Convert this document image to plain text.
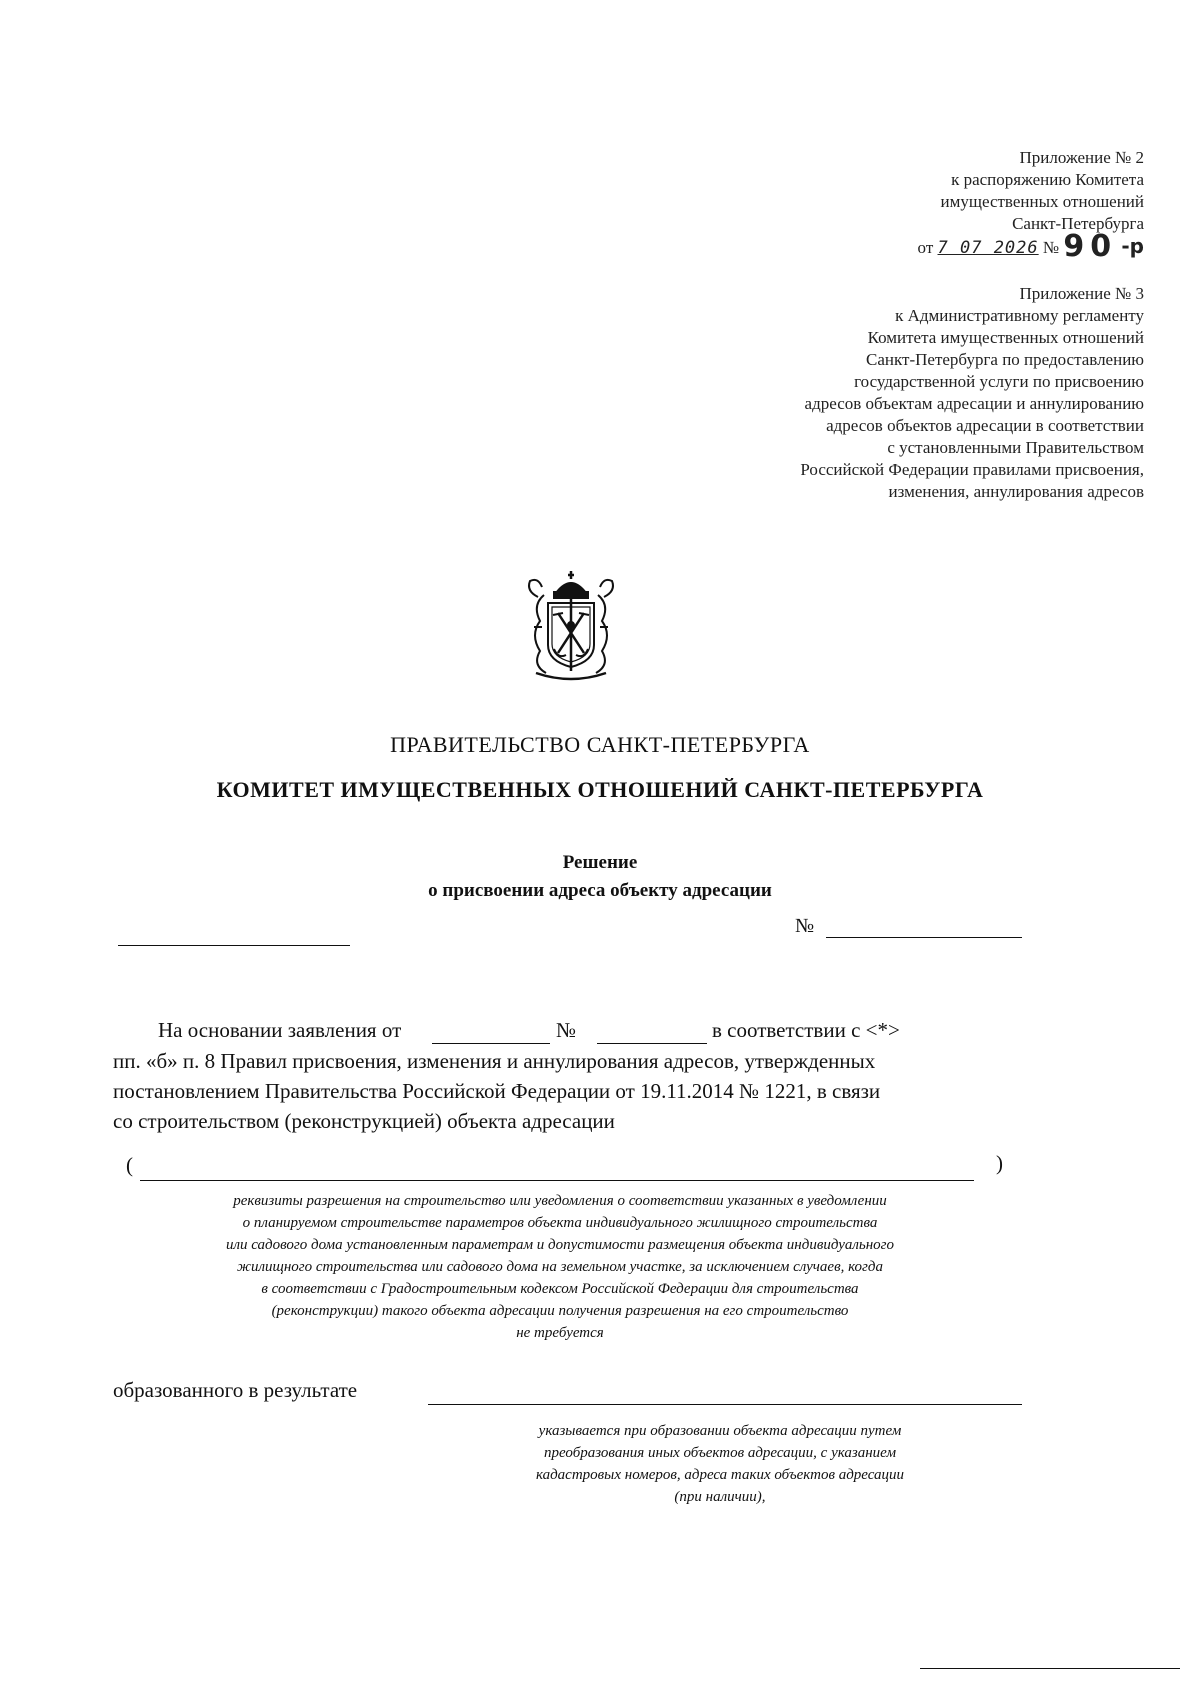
Приложение № 2
к распоряжению Комитета
имущественных отношений
Санкт-Петербурга
от 7 07 2026 № 90 -р
Приложение № 3
к Административному регламенту
Комитета имущественных отношений
Санкт-Петербурга по предоставлению
государственной услуги по присвоению
адресов объектам адресации и аннулированию
адресов объектов адресации в соответствии
с установленными Правительством
Российской Федерации правилами присвоения,
изменения, аннулирования адресов
ПРАВИТЕЛЬСТВО САНКТ-ПЕТЕРБУРГА
КОМИТЕТ ИМУЩЕСТВЕННЫХ ОТНОШЕНИЙ САНКТ-ПЕТЕРБУРГА
Решение
о присвоении адреса объекту адресации
№
На основании заявления от	№	в соответствии с <*>
пп. «б» п. 8 Правил присвоения, изменения и аннулирования адресов, утвержденных
постановлением Правительства Российской Федерации от 19.11.2014 № 1221, в связи
со строительством (реконструкцией) объекта адресации
(	)
реквизиты разрешения на строительство или уведомления о соответствии указанных в уведомлении
о планируемом строительстве параметров объекта индивидуального жилищного строительства
или садового дома установленным параметрам и допустимости размещения объекта индивидуального
жилищного строительства или садового дома на земельном участке, за исключением случаев, когда
в соответствии с Градостроительным кодексом Российской Федерации для строительства
(реконструкции) такого объекта адресации получения разрешения на его строительство
не требуется
образованного в результате
указывается при образовании объекта адресации путем
преобразования иных объектов адресации, с указанием
кадастровых номеров, адреса таких объектов адресации
(при наличии),
